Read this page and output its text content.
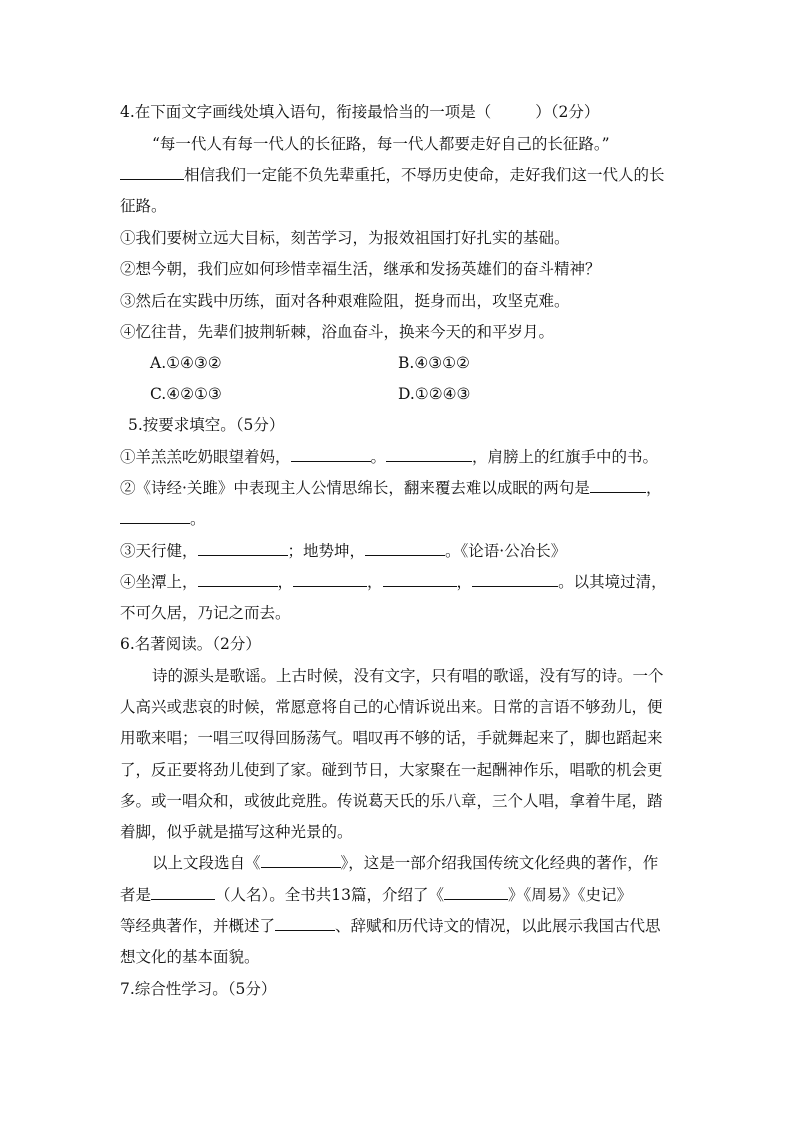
4.在下面文字画线处填入语句，衔接最恰当的一项是（	）（2分）
“每一代人有每一代人的长征路，每一代人都要走好自己的长征路。”
相信我们一定能不负先辈重托，不辱历史使命，走好我们这一代人的长
征路。
①我们要树立远大目标，刻苦学习，为报效祖国打好扎实的基础。
②想今朝，我们应如何珍惜幸福生活，继承和发扬英雄们的奋斗精神？
③然后在实践中历练，面对各种艰难险阻，挺身而出，攻坚克难。
④忆往昔，先辈们披荆斩棘，浴血奋斗，换来今天的和平岁月。
A.①④③②	B.④③①②
C.④②①③	D.①②④③
5.按要求填空。（5分）
①羊羔羔吃奶眼望着妈，	。	，肩膀上的红旗手中的书。
②《诗经·关雎》中表现主人公情思绵长，翻来覆去难以成眠的两句是	，
。
③天行健，	；地势坤，	。《论语·公冶长》
④坐潭上，	，	，	，	。以其境过清，
不可久居，乃记之而去。
6.名著阅读。（2分）
诗的源头是歌谣。上古时候，没有文字，只有唱的歌谣，没有写的诗。一个
人高兴或悲哀的时候，常愿意将自己的心情诉说出来。日常的言语不够劲儿，便
用歌来唱；一唱三叹得回肠荡气。唱叹再不够的话，手就舞起来了，脚也蹈起来
了，反正要将劲儿使到了家。碰到节日，大家聚在一起酬神作乐，唱歌的机会更
多。或一唱众和，或彼此竞胜。传说葛天氏的乐八章，三个人唱，拿着牛尾，踏
着脚，似乎就是描写这种光景的。
以上文段选自《	》，这是一部介绍我国传统文化经典的著作，作
者是	（人名）。全书共13篇，介绍了《	》《周易》《史记》
等经典著作，并概述了	、辞赋和历代诗文的情况，以此展示我国古代思
想文化的基本面貌。
7.综合性学习。（5分）
